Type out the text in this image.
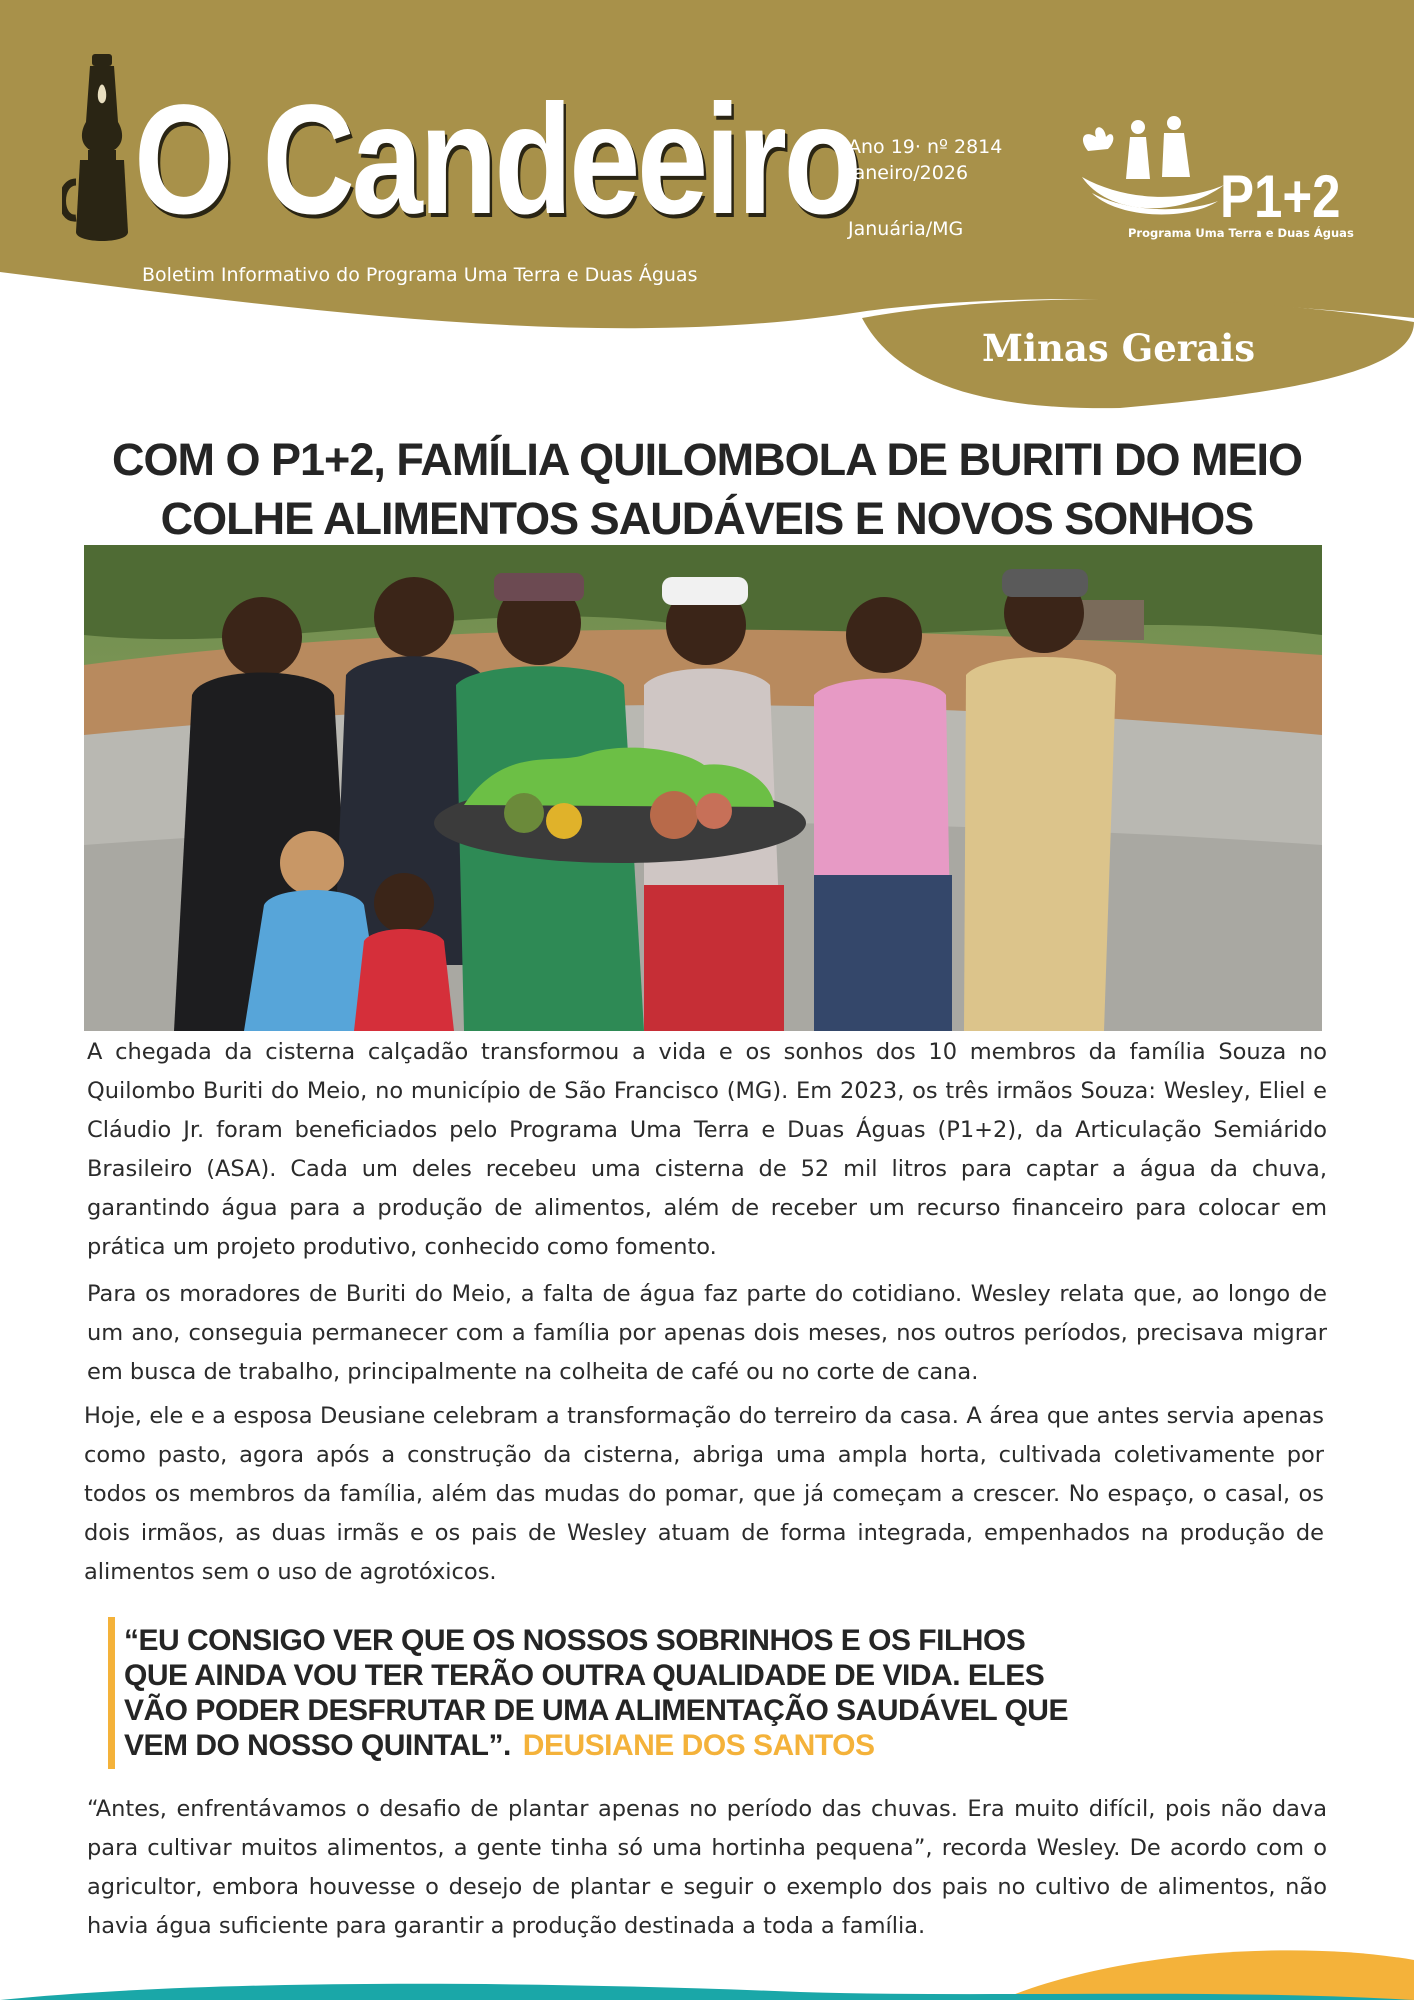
O Candeeiro
Boletim Informativo do Programa Uma Terra e Duas Águas
Ano 19· nº 2814
Janeiro/2026
Januária/MG	P1+2
Programa Uma Terra e Duas Águas
Minas Gerais
COM O P1+2, FAMÍLIA QUILOMBOLA DE BURITI DO MEIO
COLHE ALIMENTOS SAUDÁVEIS E NOVOS SONHOS

A chegada da cisterna calçadão transformou a vida e os sonhos dos 10 membros da família Souza no Quilombo Buriti do Meio, no município de São Francisco (MG). Em 2023, os três irmãos Souza: Wesley, Eliel e Cláudio Jr. foram beneficiados pelo Programa Uma Terra e Duas Águas (P1+2), da Articulação Semiárido Brasileiro (ASA). Cada um deles recebeu uma cisterna de 52 mil litros para captar a água da chuva, garantindo água para a produção de alimentos, além de receber um recurso financeiro para colocar em prática um projeto produtivo, conhecido como fomento.

Para os moradores de Buriti do Meio, a falta de água faz parte do cotidiano. Wesley relata que, ao longo de um ano, conseguia permanecer com a família por apenas dois meses, nos outros períodos, precisava migrar em busca de trabalho, principalmente na colheita de café ou no corte de cana.

Hoje, ele e a esposa Deusiane celebram a transformação do terreiro da casa. A área que antes servia apenas como pasto, agora após a construção da cisterna, abriga uma ampla horta, cultivada coletivamente por todos os membros da família, além das mudas do pomar, que já começam a crescer. No espaço, o casal, os dois irmãos, as duas irmãs e os pais de Wesley atuam de forma integrada, empenhados na produção de alimentos sem o uso de agrotóxicos.

“EU CONSIGO VER QUE OS NOSSOS SOBRINHOS E OS FILHOS
QUE AINDA VOU TER TERÃO OUTRA QUALIDADE DE VIDA. ELES
VÃO PODER DESFRUTAR DE UMA ALIMENTAÇÃO SAUDÁVEL QUE
VEM DO NOSSO QUINTAL”. DEUSIANE DOS SANTOS

“Antes, enfrentávamos o desafio de plantar apenas no período das chuvas. Era muito difícil, pois não dava para cultivar muitos alimentos, a gente tinha só uma hortinha pequena”, recorda Wesley. De acordo com o agricultor, embora houvesse o desejo de plantar e seguir o exemplo dos pais no cultivo de alimentos, não havia água suficiente para garantir a produção destinada a toda a família.
